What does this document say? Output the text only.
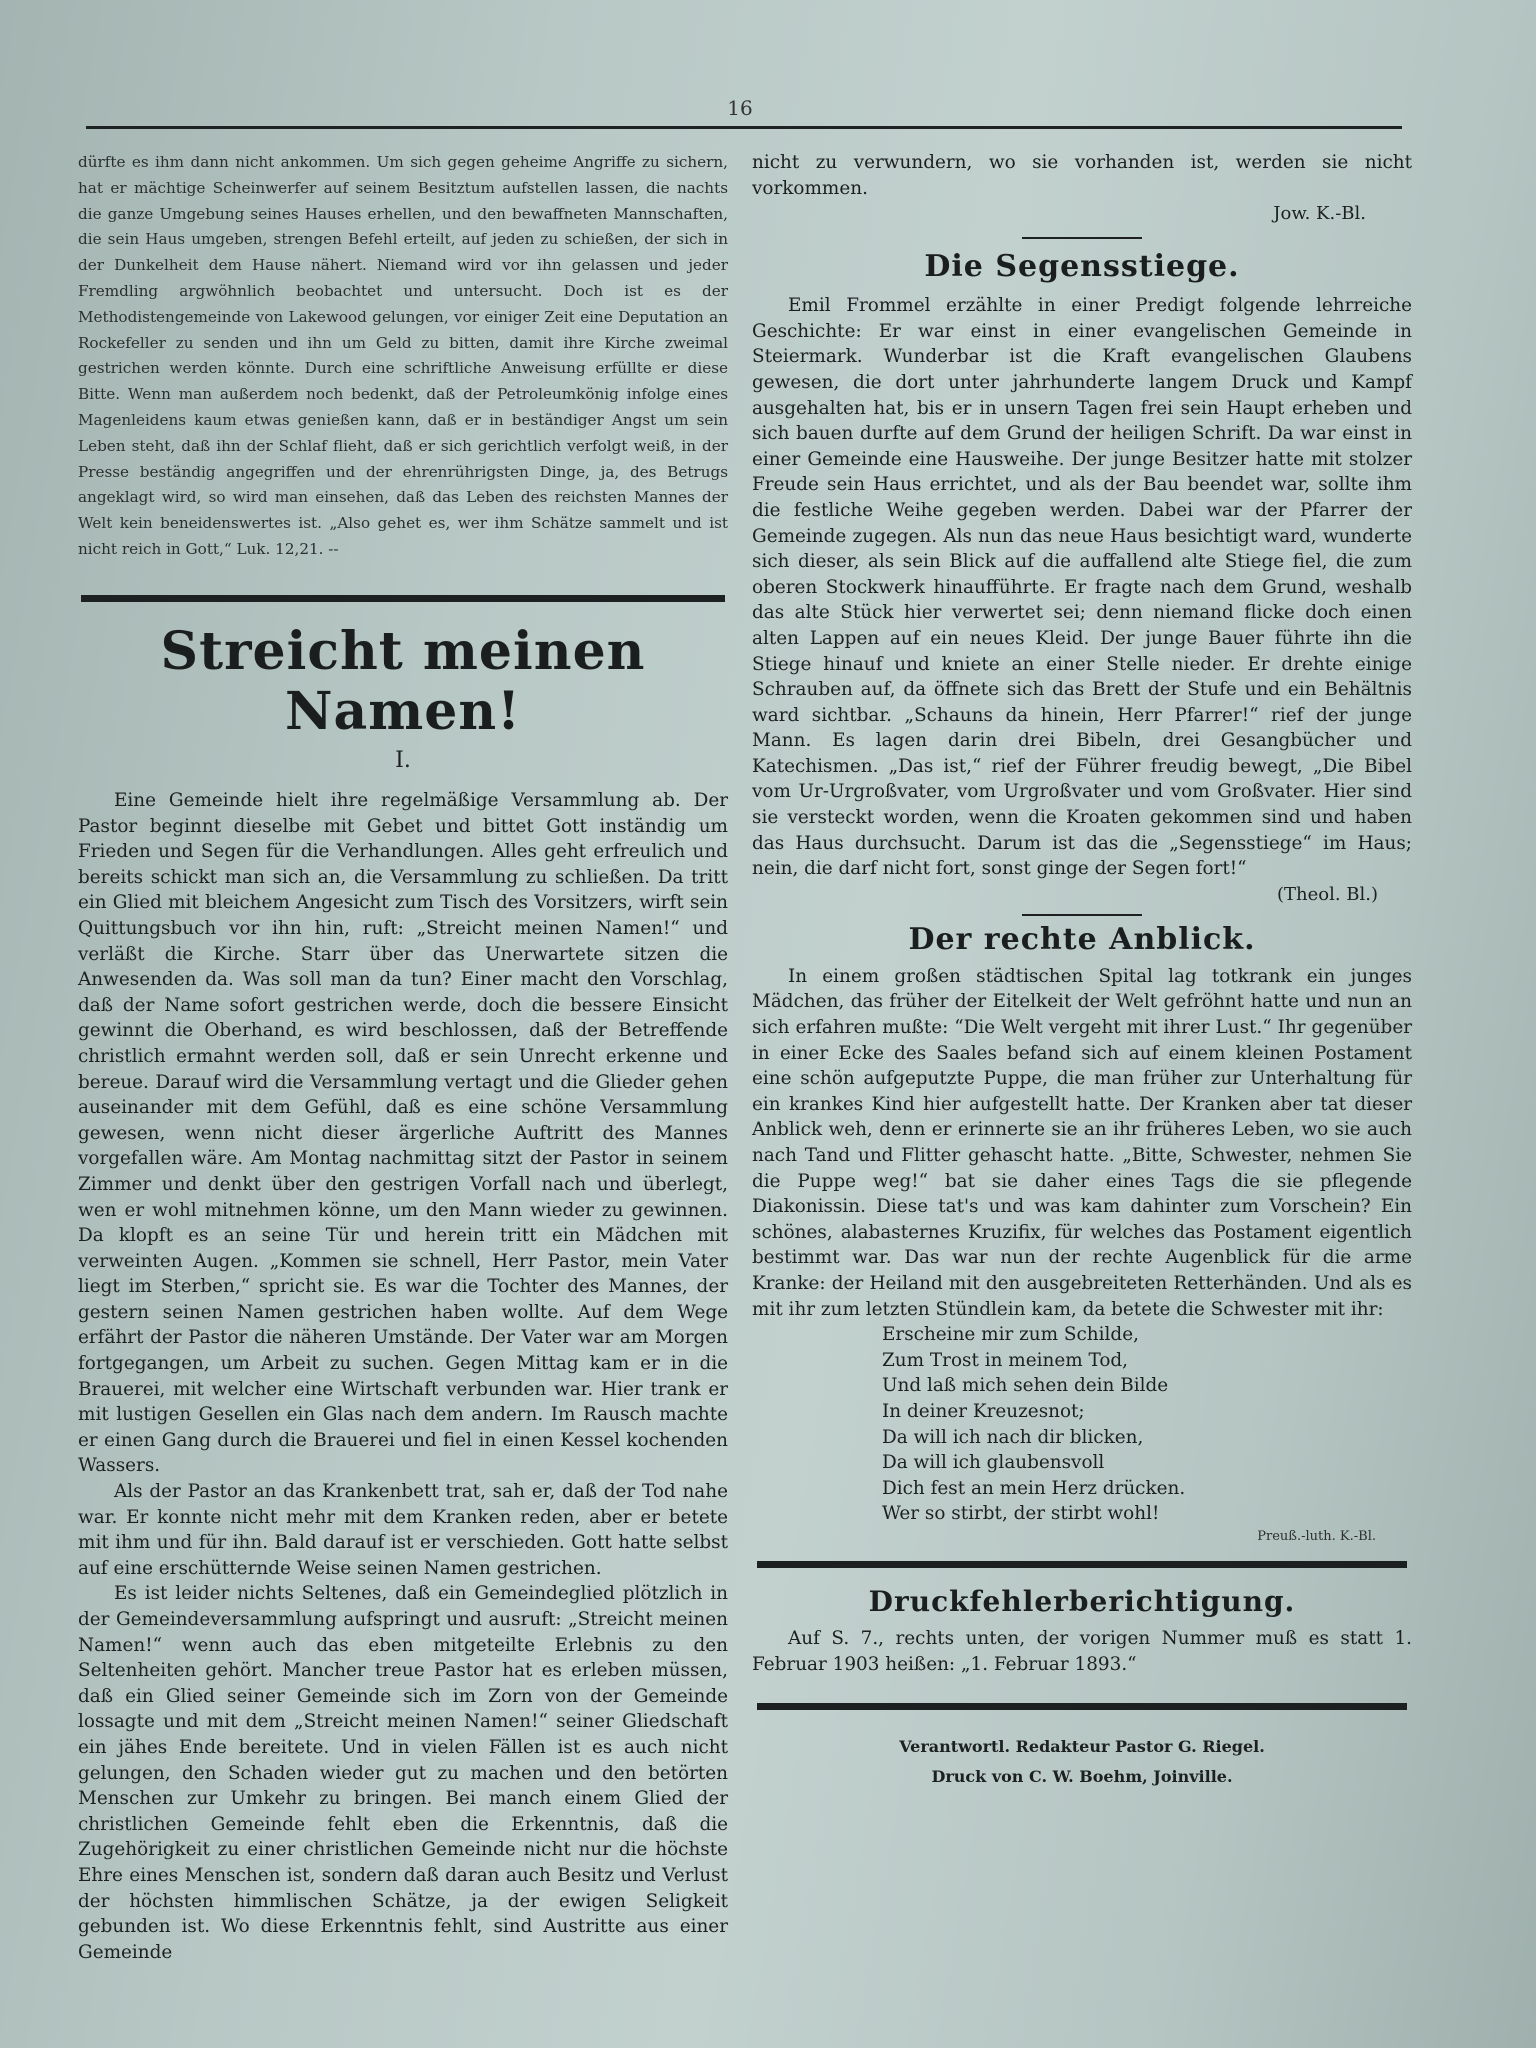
16

dürfte es ihm dann nicht ankommen. Um sich gegen geheime Angriffe zu sichern, hat er mächtige Scheinwerfer auf seinem Besitztum aufstellen lassen, die nachts die ganze Umgebung seines Hauses erhellen, und den bewaffneten Mannschaften, die sein Haus umgeben, strengen Befehl erteilt, auf jeden zu schießen, der sich in der Dunkelheit dem Hause nähert. Niemand wird vor ihn gelassen und jeder Fremdling argwöhnlich beobachtet und untersucht. Doch ist es der Methodistengemeinde von Lakewood gelungen, vor einiger Zeit eine Deputation an Rockefeller zu senden und ihn um Geld zu bitten, damit ihre Kirche zweimal gestrichen werden könnte. Durch eine schriftliche Anweisung erfüllte er diese Bitte. Wenn man außerdem noch bedenkt, daß der Petroleumkönig infolge eines Magenleidens kaum etwas genießen kann, daß er in beständiger Angst um sein Leben steht, daß ihn der Schlaf flieht, daß er sich gerichtlich verfolgt weiß, in der Presse beständig angegriffen und der ehrenrührigsten Dinge, ja, des Betrugs angeklagt wird, so wird man einsehen, daß das Leben des reichsten Mannes der Welt kein beneidenswertes ist. „Also gehet es, wer ihm Schätze sammelt und ist nicht reich in Gott,“ Luk. 12,21. --

Streicht meinen Namen!
I.

Eine Gemeinde hielt ihre regelmäßige Versammlung ab. Der Pastor beginnt dieselbe mit Gebet und bittet Gott inständig um Frieden und Segen für die Verhandlungen. Alles geht erfreulich und bereits schickt man sich an, die Versammlung zu schließen. Da tritt ein Glied mit bleichem Angesicht zum Tisch des Vorsitzers, wirft sein Quittungsbuch vor ihn hin, ruft: „Streicht meinen Namen!“ und verläßt die Kirche. Starr über das Unerwartete sitzen die Anwesenden da. Was soll man da tun? Einer macht den Vorschlag, daß der Name sofort gestrichen werde, doch die bessere Einsicht gewinnt die Oberhand, es wird beschlossen, daß der Betreffende christlich ermahnt werden soll, daß er sein Unrecht erkenne und bereue. Darauf wird die Versammlung vertagt und die Glieder gehen auseinander mit dem Gefühl, daß es eine schöne Versammlung gewesen, wenn nicht dieser ärgerliche Auftritt des Mannes vorgefallen wäre. Am Montag nachmittag sitzt der Pastor in seinem Zimmer und denkt über den gestrigen Vorfall nach und überlegt, wen er wohl mitnehmen könne, um den Mann wieder zu gewinnen. Da klopft es an seine Tür und herein tritt ein Mädchen mit verweinten Augen. „Kommen sie schnell, Herr Pastor, mein Vater liegt im Sterben,“ spricht sie. Es war die Tochter des Mannes, der gestern seinen Namen gestrichen haben wollte. Auf dem Wege erfährt der Pastor die näheren Umstände. Der Vater war am Morgen fortgegangen, um Arbeit zu suchen. Gegen Mittag kam er in die Brauerei, mit welcher eine Wirtschaft verbunden war. Hier trank er mit lustigen Gesellen ein Glas nach dem andern. Im Rausch machte er einen Gang durch die Brauerei und fiel in einen Kessel kochenden Wassers.

Als der Pastor an das Krankenbett trat, sah er, daß der Tod nahe war. Er konnte nicht mehr mit dem Kranken reden, aber er betete mit ihm und für ihn. Bald darauf ist er verschieden. Gott hatte selbst auf eine erschütternde Weise seinen Namen gestrichen.

Es ist leider nichts Seltenes, daß ein Gemeindeglied plötzlich in der Gemeindeversammlung aufspringt und ausruft: „Streicht meinen Namen!“ wenn auch das eben mitgeteilte Erlebnis zu den Seltenheiten gehört. Mancher treue Pastor hat es erleben müssen, daß ein Glied seiner Gemeinde sich im Zorn von der Gemeinde lossagte und mit dem „Streicht meinen Namen!“ seiner Gliedschaft ein jähes Ende bereitete. Und in vielen Fällen ist es auch nicht gelungen, den Schaden wieder gut zu machen und den betörten Menschen zur Umkehr zu bringen. Bei manch einem Glied der christlichen Gemeinde fehlt eben die Erkenntnis, daß die Zugehörigkeit zu einer christlichen Gemeinde nicht nur die höchste Ehre eines Menschen ist, sondern daß daran auch Besitz und Verlust der höchsten himmlischen Schätze, ja der ewigen Seligkeit gebunden ist. Wo diese Erkenntnis fehlt, sind Austritte aus einer Gemeinde

nicht zu verwundern, wo sie vorhanden ist, werden sie nicht vorkommen.

Jow. K.-Bl.
Die Segensstiege.

Emil Frommel erzählte in einer Predigt folgende lehrreiche Geschichte: Er war einst in einer evangelischen Gemeinde in Steiermark. Wunderbar ist die Kraft evangelischen Glaubens gewesen, die dort unter jahrhunderte langem Druck und Kampf ausgehalten hat, bis er in unsern Tagen frei sein Haupt erheben und sich bauen durfte auf dem Grund der heiligen Schrift. Da war einst in einer Gemeinde eine Hausweihe. Der junge Besitzer hatte mit stolzer Freude sein Haus errichtet, und als der Bau beendet war, sollte ihm die festliche Weihe gegeben werden. Dabei war der Pfarrer der Gemeinde zugegen. Als nun das neue Haus besichtigt ward, wunderte sich dieser, als sein Blick auf die auffallend alte Stiege fiel, die zum oberen Stockwerk hinaufführte. Er fragte nach dem Grund, weshalb das alte Stück hier verwertet sei; denn niemand flicke doch einen alten Lappen auf ein neues Kleid. Der junge Bauer führte ihn die Stiege hinauf und kniete an einer Stelle nieder. Er drehte einige Schrauben auf, da öffnete sich das Brett der Stufe und ein Behältnis ward sichtbar. „Schauns da hinein, Herr Pfarrer!“ rief der junge Mann. Es lagen darin drei Bibeln, drei Gesangbücher und Katechismen. „Das ist,“ rief der Führer freudig bewegt, „Die Bibel vom Ur-Urgroßvater, vom Urgroßvater und vom Großvater. Hier sind sie versteckt worden, wenn die Kroaten gekommen sind und haben das Haus durchsucht. Darum ist das die „Segensstiege“ im Haus; nein, die darf nicht fort, sonst ginge der Segen fort!“

(Theol. Bl.)
Der rechte Anblick.

In einem großen städtischen Spital lag totkrank ein junges Mädchen, das früher der Eitelkeit der Welt gefröhnt hatte und nun an sich erfahren mußte: “Die Welt vergeht mit ihrer Lust.“ Ihr gegenüber in einer Ecke des Saales befand sich auf einem kleinen Postament eine schön aufgeputzte Puppe, die man früher zur Unterhaltung für ein krankes Kind hier aufgestellt hatte. Der Kranken aber tat dieser Anblick weh, denn er erinnerte sie an ihr früheres Leben, wo sie auch nach Tand und Flitter gehascht hatte. „Bitte, Schwester, nehmen Sie die Puppe weg!“ bat sie daher eines Tags die sie pflegende Diakonissin. Diese tat's und was kam dahinter zum Vorschein? Ein schönes, alabasternes Kruzifix, für welches das Postament eigentlich bestimmt war. Das war nun der rechte Augenblick für die arme Kranke: der Heiland mit den ausgebreiteten Retterhänden. Und als es mit ihr zum letzten Stündlein kam, da betete die Schwester mit ihr:

Erscheine mir zum Schilde,
Zum Trost in meinem Tod,
Und laß mich sehen dein Bilde
In deiner Kreuzesnot;
Da will ich nach dir blicken,
Da will ich glaubensvoll
Dich fest an mein Herz drücken.
Wer so stirbt, der stirbt wohl!
Preuß.-luth. K.-Bl.
Druckfehlerberichtigung.

Auf S. 7., rechts unten, der vorigen Nummer muß es statt 1. Februar 1903 heißen: „1. Februar 1893.“

Verantwortl. Redakteur Pastor G. Riegel.
Druck von C. W. Boehm, Joinville.
